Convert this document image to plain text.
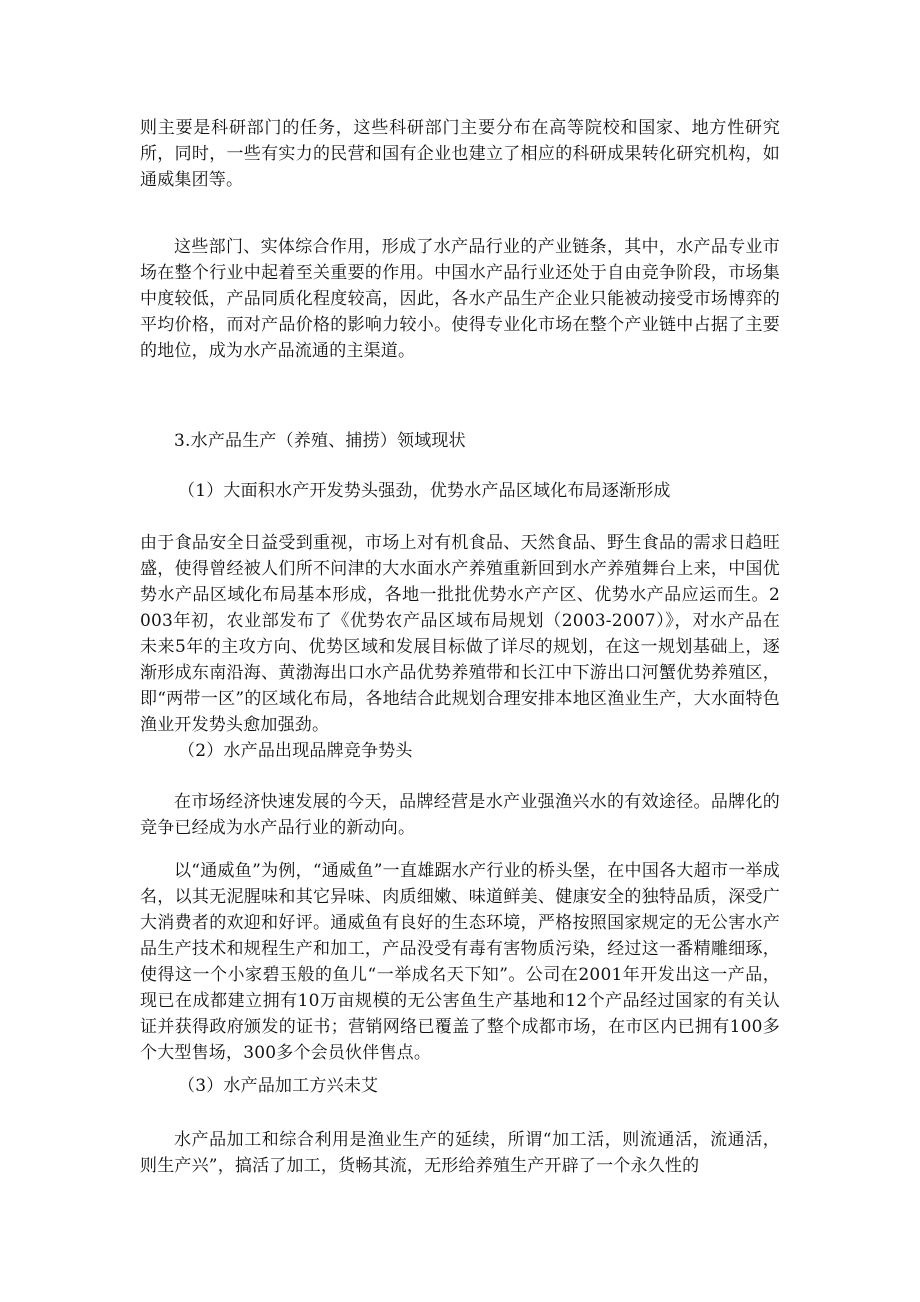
则主要是科研部门的任务，这些科研部门主要分布在高等院校和国家、地方性研究所，同时，一些有实力的民营和国有企业也建立了相应的科研成果转化研究机构，如通威集团等。

这些部门、实体综合作用，形成了水产品行业的产业链条，其中，水产品专业市场在整个行业中起着至关重要的作用。中国水产品行业还处于自由竞争阶段，市场集中度较低，产品同质化程度较高，因此，各水产品生产企业只能被动接受市场博弈的平均价格，而对产品价格的影响力较小。使得专业化市场在整个产业链中占据了主要的地位，成为水产品流通的主渠道。

3.水产品生产（养殖、捕捞）领域现状

（1）大面积水产开发势头强劲，优势水产品区域化布局逐渐形成

由于食品安全日益受到重视，市场上对有机食品、天然食品、野生食品的需求日趋旺盛，使得曾经被人们所不问津的大水面水产养殖重新回到水产养殖舞台上来，中国优势水产品区域化布局基本形成，各地一批批优势水产产区、优势水产品应运而生。2003年初，农业部发布了《优势农产品区域布局规划（2003-2007）》，对水产品在未来5年的主攻方向、优势区域和发展目标做了详尽的规划，在这一规划基础上，逐渐形成东南沿海、黄渤海出口水产品优势养殖带和长江中下游出口河蟹优势养殖区，即“两带一区”的区域化布局，各地结合此规划合理安排本地区渔业生产，大水面特色渔业开发势头愈加强劲。

（2）水产品出现品牌竞争势头

在市场经济快速发展的今天，品牌经营是水产业强渔兴水的有效途径。品牌化的竞争已经成为水产品行业的新动向。

以“通威鱼”为例，“通威鱼”一直雄踞水产行业的桥头堡，在中国各大超市一举成名，以其无泥腥味和其它异味、肉质细嫩、味道鲜美、健康安全的独特品质，深受广大消费者的欢迎和好评。通威鱼有良好的生态环境，严格按照国家规定的无公害水产品生产技术和规程生产和加工，产品没受有毒有害物质污染，经过这一番精雕细琢，使得这一个小家碧玉般的鱼儿“一举成名天下知”。公司在2001年开发出这一产品，现已在成都建立拥有10万亩规模的无公害鱼生产基地和12个产品经过国家的有关认证并获得政府颁发的证书；营销网络已覆盖了整个成都市场，在市区内已拥有100多个大型售场，300多个会员伙伴售点。

（3）水产品加工方兴未艾

水产品加工和综合利用是渔业生产的延续，所谓“加工活，则流通活，流通活，则生产兴”，搞活了加工，货畅其流，无形给养殖生产开辟了一个永久性的
